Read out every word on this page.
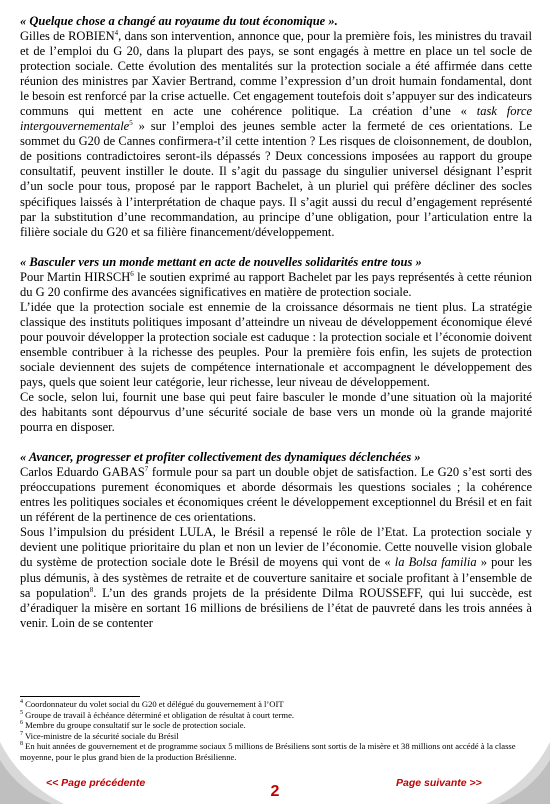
« Quelque chose a changé au royaume du tout économique ».

Gilles de ROBIEN$^4$, dans son intervention, annonce que, pour la première fois, les ministres du travail et de l’emploi du G 20, dans la plupart des pays, se sont engagés à mettre en place un tel socle de protection sociale. Cette évolution des mentalités sur la protection sociale a été affirmée dans cette réunion des ministres par Xavier Bertrand, comme l’expression d’un droit humain fondamental, dont le besoin est renforcé par la crise actuelle. Cet engagement toutefois doit s’appuyer sur des indicateurs communs qui mettent en acte une cohérence politique. La création d’une « task force intergouvernementale$^5$ » sur l’emploi des jeunes semble acter la fermeté de ces orientations. Le sommet du G20 de Cannes confirmera-t’il cette intention ? Les risques de cloisonnement, de doublon, de positions contradictoires seront-ils dépassés ? Deux concessions imposées au rapport du groupe consultatif, peuvent instiller le doute. Il s’agit du passage du singulier universel désignant l’esprit d’un socle pour tous, proposé par le rapport Bachelet, à un pluriel qui préfère décliner des socles spécifiques laissés à l’interprétation de chaque pays. Il s’agit aussi du recul d’engagement représenté par la substitution d’une recommandation, au principe d’une obligation, pour l’articulation entre la filière sociale du G20 et sa filière financement/développement.

« Basculer vers un monde mettant en acte de nouvelles solidarités entre tous »

Pour Martin HIRSCH$^6$ le soutien exprimé au rapport Bachelet par les pays représentés à cette réunion du G 20 confirme des avancées significatives en matière de protection sociale.

L’idée que la protection sociale est ennemie de la croissance désormais ne tient plus. La stratégie classique des instituts politiques imposant d’atteindre un niveau de développement économique élevé pour pouvoir développer la protection sociale est caduque : la protection sociale et l’économie doivent ensemble contribuer à la richesse des peuples. Pour la première fois enfin, les sujets de protection sociale deviennent des sujets de compétence internationale et accompagnent le développement des pays, quels que soient leur catégorie, leur richesse, leur niveau de développement.

Ce socle, selon lui, fournit une base qui peut faire basculer le monde d’une situation où la majorité des habitants sont dépourvus d’une sécurité sociale de base vers un monde où la grande majorité pourra en disposer.

« Avancer, progresser et profiter collectivement des dynamiques déclenchées »

Carlos Eduardo GABAS$^7$ formule pour sa part un double objet de satisfaction. Le G20 s’est sorti des préoccupations purement économiques et aborde désormais les questions sociales ; la cohérence entres les politiques sociales et économiques créent le développement exceptionnel du Brésil et en fait un référent de la pertinence de ces orientations.

Sous l’impulsion du président LULA, le Brésil a repensé le rôle de l’Etat. La protection sociale y devient une politique prioritaire du plan et non un levier de l’économie. Cette nouvelle vision globale du système de protection sociale dote le Brésil de moyens qui vont de « la Bolsa familia » pour les plus démunis, à des systèmes de retraite et de couverture sanitaire et sociale profitant à l’ensemble de sa population$^8$. L’un des grands projets de la présidente Dilma ROUSSEFF, qui lui succède, est d’éradiquer la misère en sortant 16 millions de brésiliens de l’état de pauvreté dans les trois années à venir. Loin de se contenter

$^4$ Coordonnateur du volet social du G20 et délégué du gouvernement à l’OIT
$^5$ Groupe de travail à échéance déterminé et obligation de résultat à court terme.
$^6$ Membre du groupe consultatif sur le socle de protection sociale.
$^7$ Vice-ministre de la sécurité sociale du Brésil
$^8$ En huit années de gouvernement et de programme sociaux 5 millions de Brésiliens sont sortis de la misère et 38 millions ont accédé à la classe moyenne, pour le plus grand bien de la production Brésilienne.
<< Page précédente	Page suivante >>
2
